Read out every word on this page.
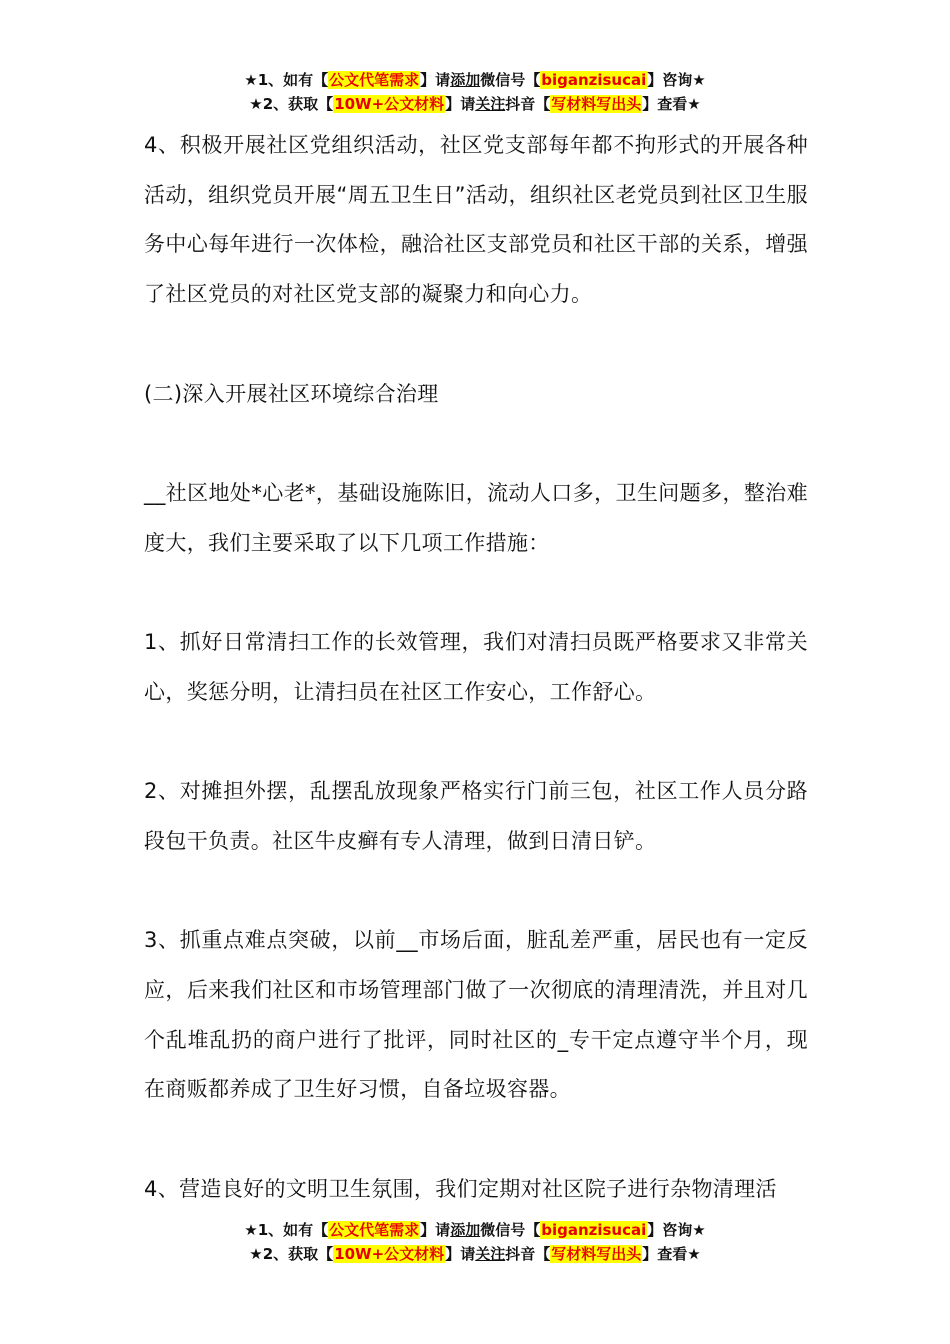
★1、如有【公文代笔需求】请添加微信号【biganzisucai】咨询★
★2、获取【10W+公文材料】请关注抖音【写材料写出头】查看★

4、积极开展社区党组织活动，社区党支部每年都不拘形式的开展各种活动，组织党员开展“周五卫生日”活动，组织社区老党员到社区卫生服务中心每年进行一次体检，融洽社区支部党员和社区干部的关系，增强了社区党员的对社区党支部的凝聚力和向心力。

(二)深入开展社区环境综合治理

__社区地处*心老*，基础设施陈旧，流动人口多，卫生问题多，整治难度大，我们主要采取了以下几项工作措施：

1、抓好日常清扫工作的长效管理，我们对清扫员既严格要求又非常关心，奖惩分明，让清扫员在社区工作安心，工作舒心。

2、对摊担外摆，乱摆乱放现象严格实行门前三包，社区工作人员分路段包干负责。社区牛皮癣有专人清理，做到日清日铲。

3、抓重点难点突破，以前__市场后面，脏乱差严重，居民也有一定反应，后来我们社区和市场管理部门做了一次彻底的清理清洗，并且对几个乱堆乱扔的商户进行了批评，同时社区的_专干定点遵守半个月，现在商贩都养成了卫生好习惯，自备垃圾容器。

4、营造良好的文明卫生氛围，我们定期对社区院子进行杂物清理活

★1、如有【公文代笔需求】请添加微信号【biganzisucai】咨询★
★2、获取【10W+公文材料】请关注抖音【写材料写出头】查看★
